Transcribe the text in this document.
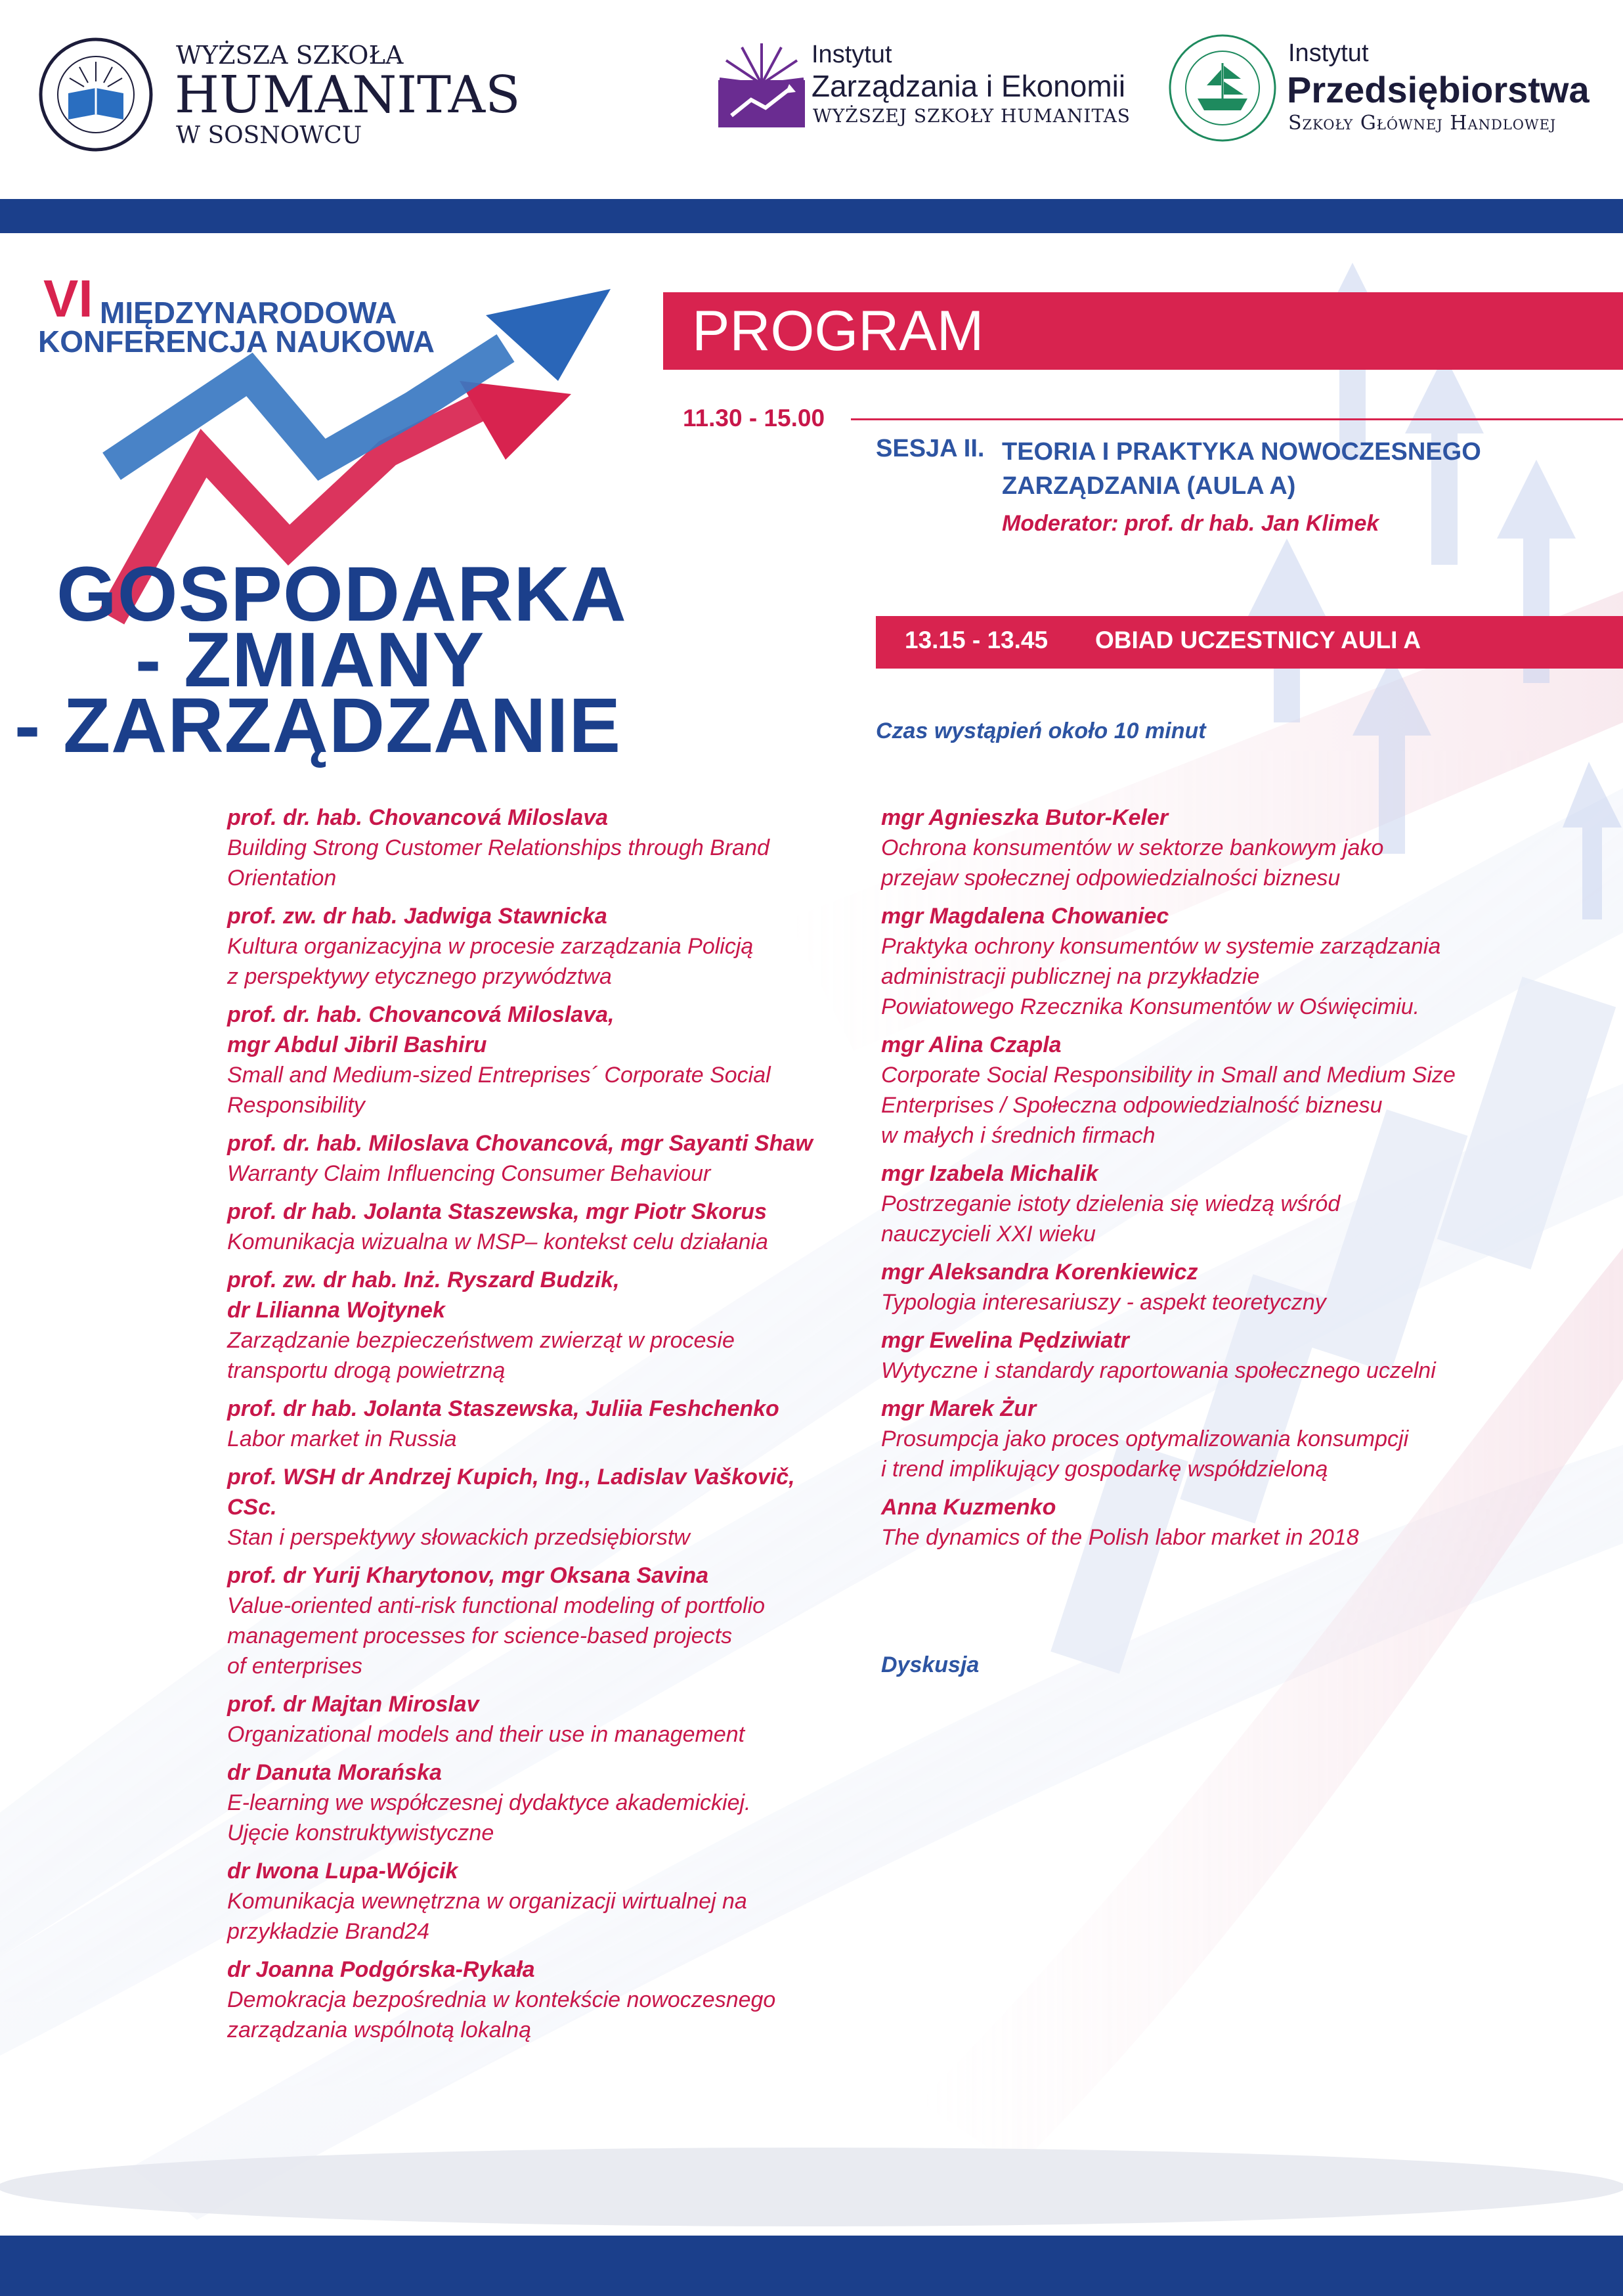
WYŻSZA SZKOŁA
HUMANITAS
W SOSNOWCU
Instytut
Zarządzania i Ekonomii
WYŻSZEJ SZKOŁY HUMANITAS
Instytut
Przedsiębiorstwa
Szkoły Głównej Handlowej
VI MIĘDZYNARODOWA
KONFERENCJA NAUKOWA
GOSPODARKA
- ZMIANY
- ZARZĄDZANIE
PROGRAM
11.30 - 15.00
SESJA II. TEORIA I PRAKTYKA NOWOCZESNEGO ZARZĄDZANIA (AULA A)
Moderator: prof. dr hab. Jan Klimek
13.15 - 13.45 OBIAD UCZESTNICY AULI A
Czas wystąpień około 10 minut
prof. dr. hab. Chovancová Miloslava
Building Strong Customer Relationships through Brand
Orientation
prof. zw. dr hab. Jadwiga Stawnicka
Kultura organizacyjna w procesie zarządzania Policją
z perspektywy etycznego przywództwa
prof. dr. hab. Chovancová Miloslava,
mgr Abdul Jibril Bashiru
Small and Medium-sized Entreprises´ Corporate Social
Responsibility
prof. dr. hab. Miloslava Chovancová, mgr Sayanti Shaw
Warranty Claim Influencing Consumer Behaviour
prof. dr hab. Jolanta Staszewska, mgr Piotr Skorus
Komunikacja wizualna w MSP– kontekst celu działania
prof. zw. dr hab. Inż. Ryszard Budzik,
dr Lilianna Wojtynek
Zarządzanie bezpieczeństwem zwierząt w procesie
transportu drogą powietrzną
prof. dr hab. Jolanta Staszewska, Juliia Feshchenko
Labor market in Russia
prof. WSH dr Andrzej Kupich, Ing., Ladislav Vaškovič, CSc.
Stan i perspektywy słowackich przedsiębiorstw
prof. dr Yurij Kharytonov, mgr Oksana Savina
Value-oriented anti-risk functional modeling of portfolio
management processes for science-based projects
of enterprises
prof. dr Majtan Miroslav
Organizational models and their use in management
dr Danuta Morańska
E-learning we współczesnej dydaktyce akademickiej.
Ujęcie konstruktywistyczne
dr Iwona Lupa-Wójcik
Komunikacja wewnętrzna w organizacji wirtualnej na
przykładzie Brand24
dr Joanna Podgórska-Rykała
Demokracja bezpośrednia w kontekście nowoczesnego
zarządzania wspólnotą lokalną
mgr Agnieszka Butor-Keler
Ochrona konsumentów w sektorze bankowym jako
przejaw społecznej odpowiedzialności biznesu
mgr Magdalena Chowaniec
Praktyka ochrony konsumentów w systemie zarządzania
administracji publicznej na przykładzie
Powiatowego Rzecznika Konsumentów w Oświęcimiu.
mgr Alina Czapla
Corporate Social Responsibility in Small and Medium Size
Enterprises / Społeczna odpowiedzialność biznesu
w małych i średnich firmach
mgr Izabela Michalik
Postrzeganie istoty dzielenia się wiedzą wśród
nauczycieli XXI wieku
mgr Aleksandra Korenkiewicz
Typologia interesariuszy - aspekt teoretyczny
mgr Ewelina Pędziwiatr
Wytyczne i standardy raportowania społecznego uczelni
mgr Marek Żur
Prosumpcja jako proces optymalizowania konsumpcji
i trend implikujący gospodarkę współdzieloną
Anna Kuzmenko
The dynamics of the Polish labor market in 2018
Dyskusja
